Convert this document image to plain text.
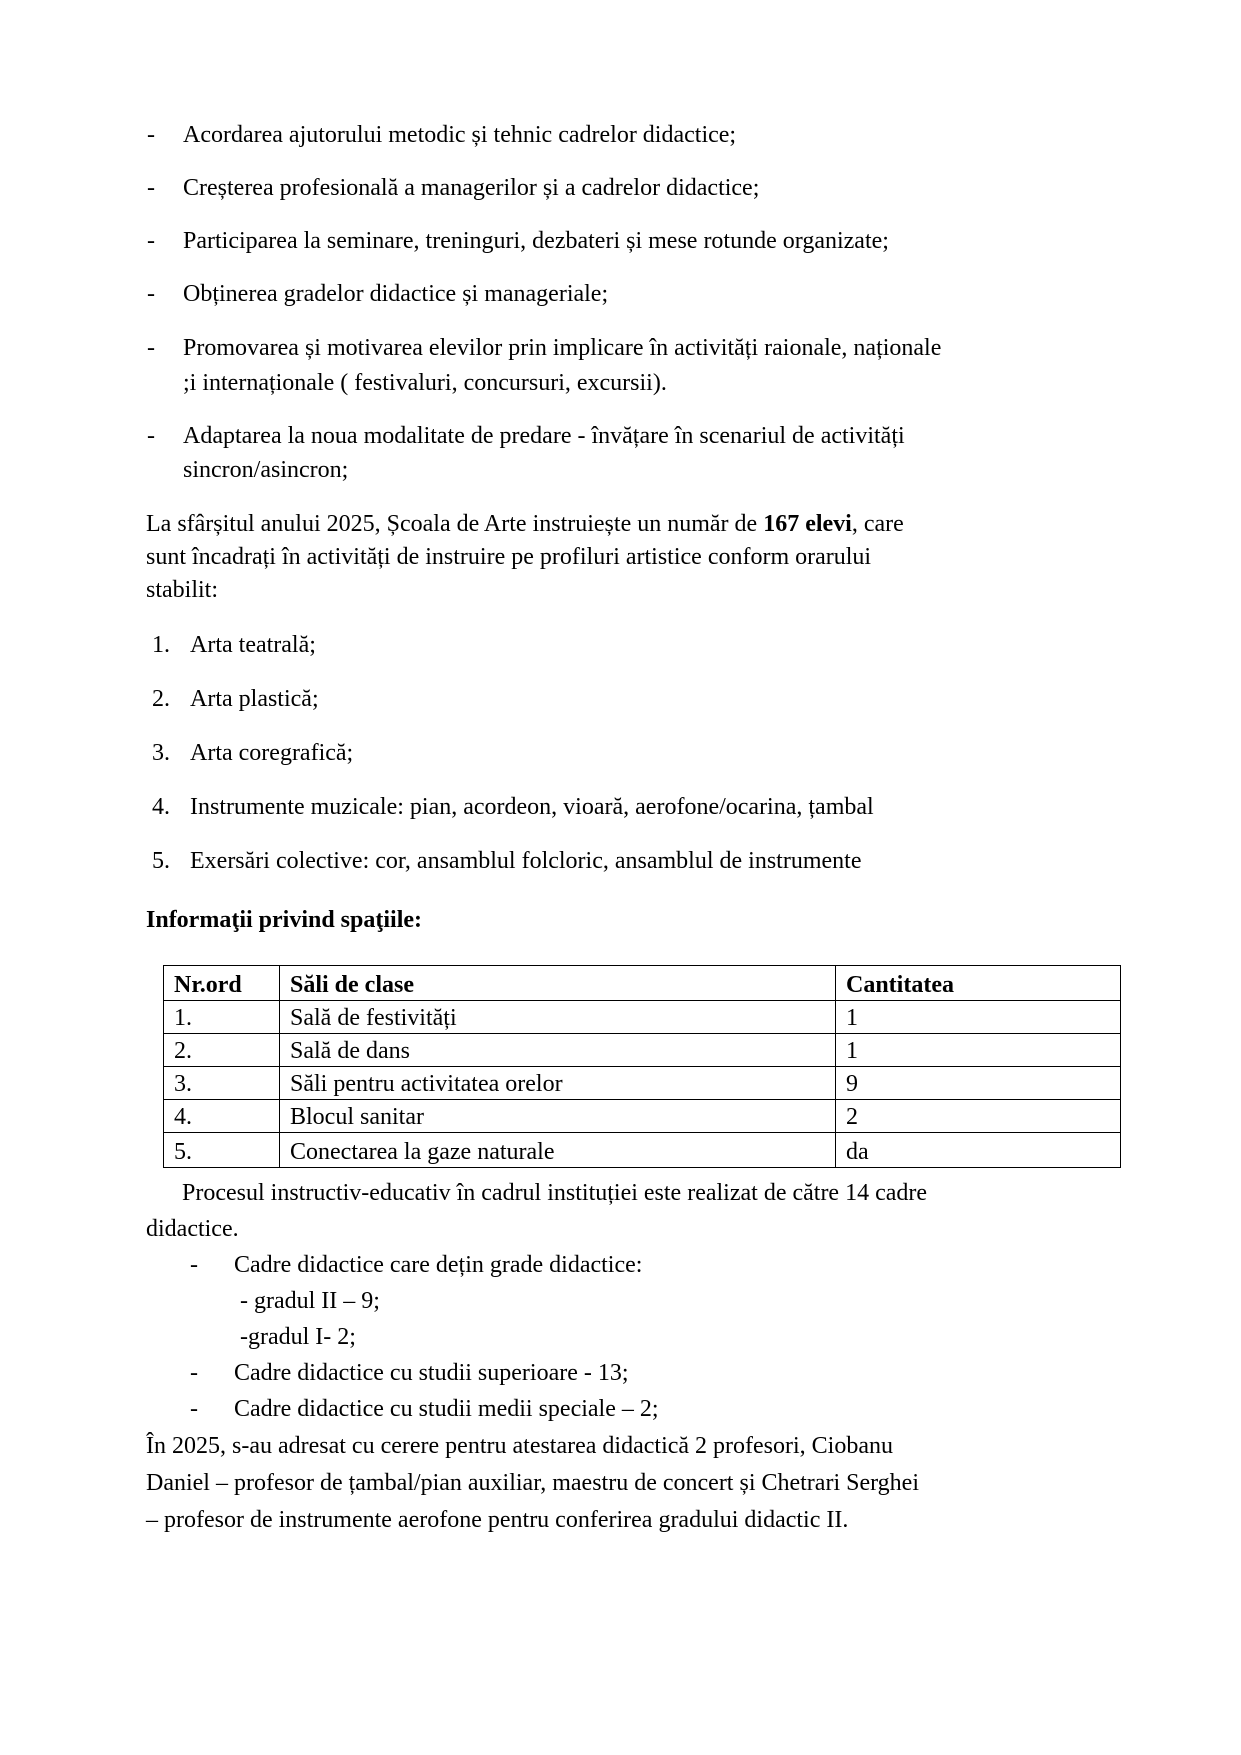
- Acordarea ajutorului metodic și tehnic cadrelor didactice;
- Creșterea profesională a managerilor și a cadrelor didactice;
- Participarea la seminare, treninguri, dezbateri și mese rotunde organizate;
- Obținerea gradelor didactice și manageriale;
- Promovarea și motivarea elevilor prin implicare în activități raionale, naționale
;i internaționale ( festivaluri, concursuri, excursii).
- Adaptarea la noua modalitate de predare - învățare în scenariul de activități
sincron/asincron;
La sfârșitul anului 2025, Școala de Arte instruiește un număr de 167 elevi, care
sunt încadrați în activități de instruire pe profiluri artistice conform orarului
stabilit:
1. Arta teatrală;
2. Arta plastică;
3. Arta coregrafică;
4. Instrumente muzicale: pian, acordeon, vioară, aerofone/ocarina, țambal
5. Exersări colective: cor, ansamblul folcloric, ansamblul de instrumente
Informaţii privind spaţiile:
Nr.ord	Săli de clase	Cantitatea
1.	Sală de festivități	1
2.	Sală de dans	1
3.	Săli pentru activitatea orelor	9
4.	Blocul sanitar	2
5.	Conectarea la gaze naturale	da
Procesul instructiv-educativ în cadrul instituției este realizat de către 14 cadre
didactice.
- Cadre didactice care dețin grade didactice:
- gradul II – 9;
-gradul I- 2;
- Cadre didactice cu studii superioare - 13;
- Cadre didactice cu studii medii speciale – 2;
În 2025, s-au adresat cu cerere pentru atestarea didactică 2 profesori, Ciobanu
Daniel – profesor de țambal/pian auxiliar, maestru de concert și Chetrari Serghei
– profesor de instrumente aerofone pentru conferirea gradului didactic II.
